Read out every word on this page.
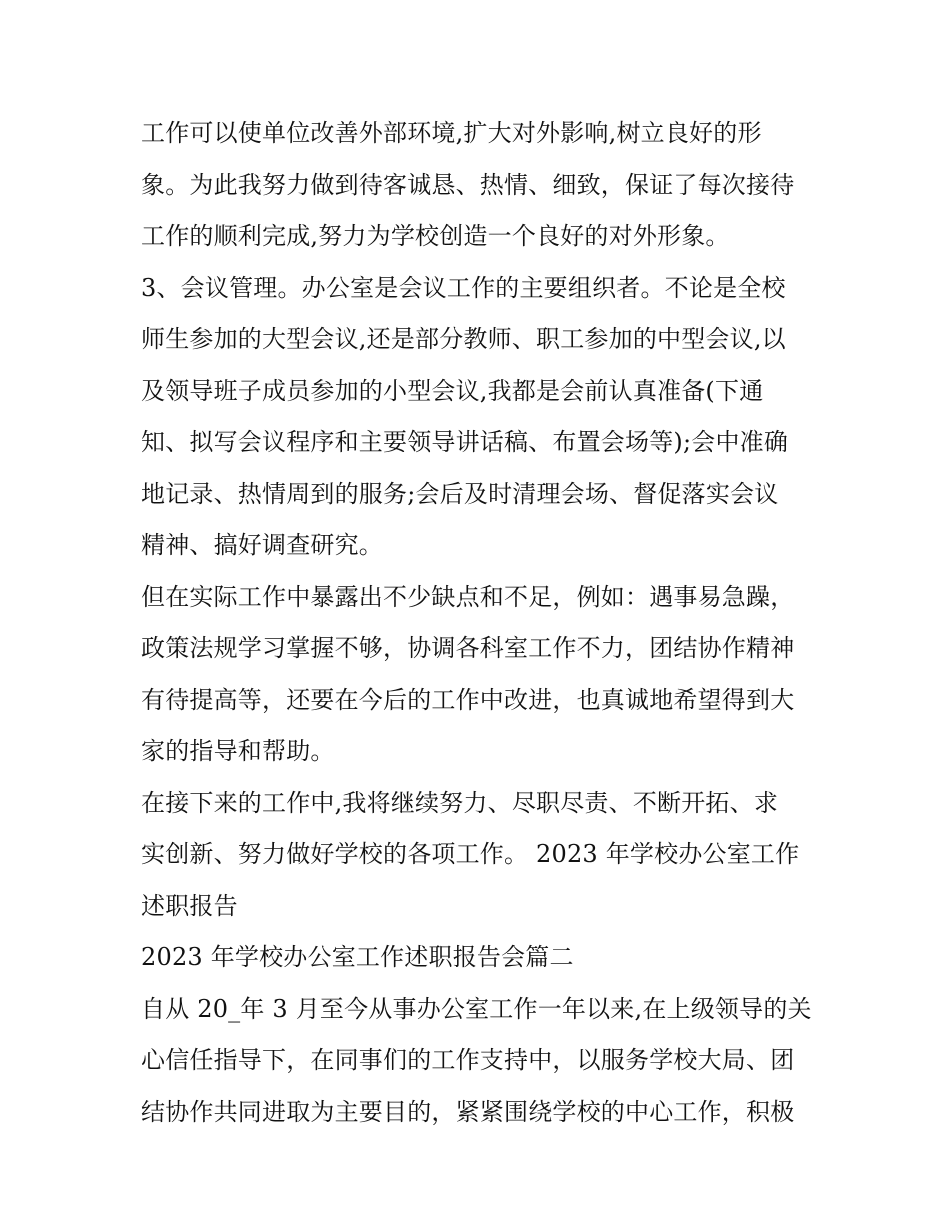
工作可以使单位改善外部环境,扩大对外影响,树立良好的形
象。为此我努力做到待客诚恳、热情、细致，保证了每次接待
工作的顺利完成,努力为学校创造一个良好的对外形象。
3、会议管理。办公室是会议工作的主要组织者。不论是全校
师生参加的大型会议,还是部分教师、职工参加的中型会议,以
及领导班子成员参加的小型会议,我都是会前认真准备(下通
知、拟写会议程序和主要领导讲话稿、布置会场等);会中准确
地记录、热情周到的服务;会后及时清理会场、督促落实会议
精神、搞好调查研究。
但在实际工作中暴露出不少缺点和不足，例如：遇事易急躁，
政策法规学习掌握不够，协调各科室工作不力，团结协作精神
有待提高等，还要在今后的工作中改进，也真诚地希望得到大
家的指导和帮助。
在接下来的工作中,我将继续努力、尽职尽责、不断开拓、求
实创新、努力做好学校的各项工作。 2023 年学校办公室工作
述职报告
2023 年学校办公室工作述职报告会篇二
自从 20_年 3 月至今从事办公室工作一年以来,在上级领导的关
心信任指导下，在同事们的工作支持中，以服务学校大局、团
结协作共同进取为主要目的，紧紧围绕学校的中心工作，积极
